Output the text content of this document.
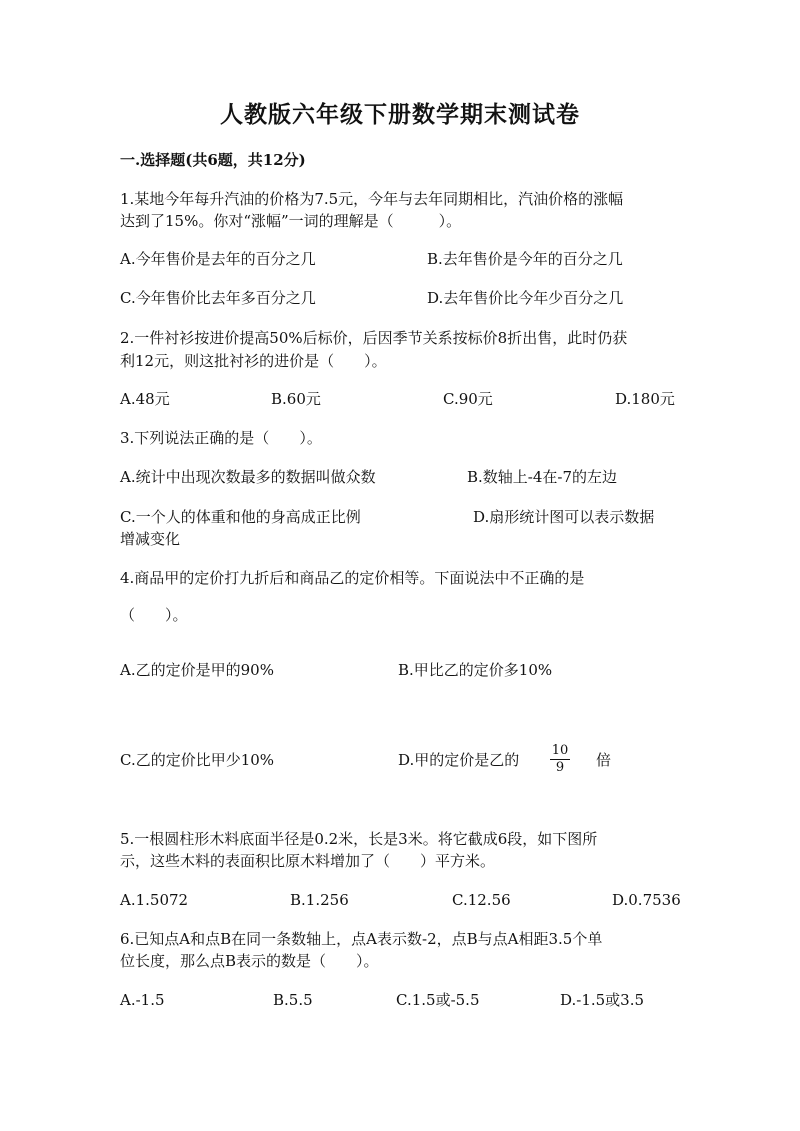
人教版六年级下册数学期末测试卷
一.选择题(共6题，共12分)
1.某地今年每升汽油的价格为7.5元，今年与去年同期相比，汽油价格的涨幅
达到了15%。你对“涨幅”一词的理解是（　　　）。
A.今年售价是去年的百分之几	B.去年售价是今年的百分之几
C.今年售价比去年多百分之几	D.去年售价比今年少百分之几
2.一件衬衫按进价提高50%后标价，后因季节关系按标价8折出售，此时仍获
利12元，则这批衬衫的进价是（　　）。
A.48元	B.60元	C.90元	D.180元
3.下列说法正确的是（　　）。
A.统计中出现次数最多的数据叫做众数	B.数轴上-4在-7的左边
C.一个人的体重和他的身高成正比例	D.扇形统计图可以表示数据
增减变化
4.商品甲的定价打九折后和商品乙的定价相等。下面说法中不正确的是
（　　）。
A.乙的定价是甲的90%	B.甲比乙的定价多10%
C.乙的定价比甲少10%	D.甲的定价是乙的 $\frac{10}{9}$ 倍
5.一根圆柱形木料底面半径是0.2米，长是3米。将它截成6段，如下图所
示，这些木料的表面积比原木料增加了（　　）平方米。
A.1.5072	B.1.256	C.12.56	D.0.7536
6.已知点A和点B在同一条数轴上，点A表示数-2，点B与点A相距3.5个单
位长度，那么点B表示的数是（　　）。
A.-1.5	B.5.5	C.1.5或-5.5	D.-1.5或3.5
